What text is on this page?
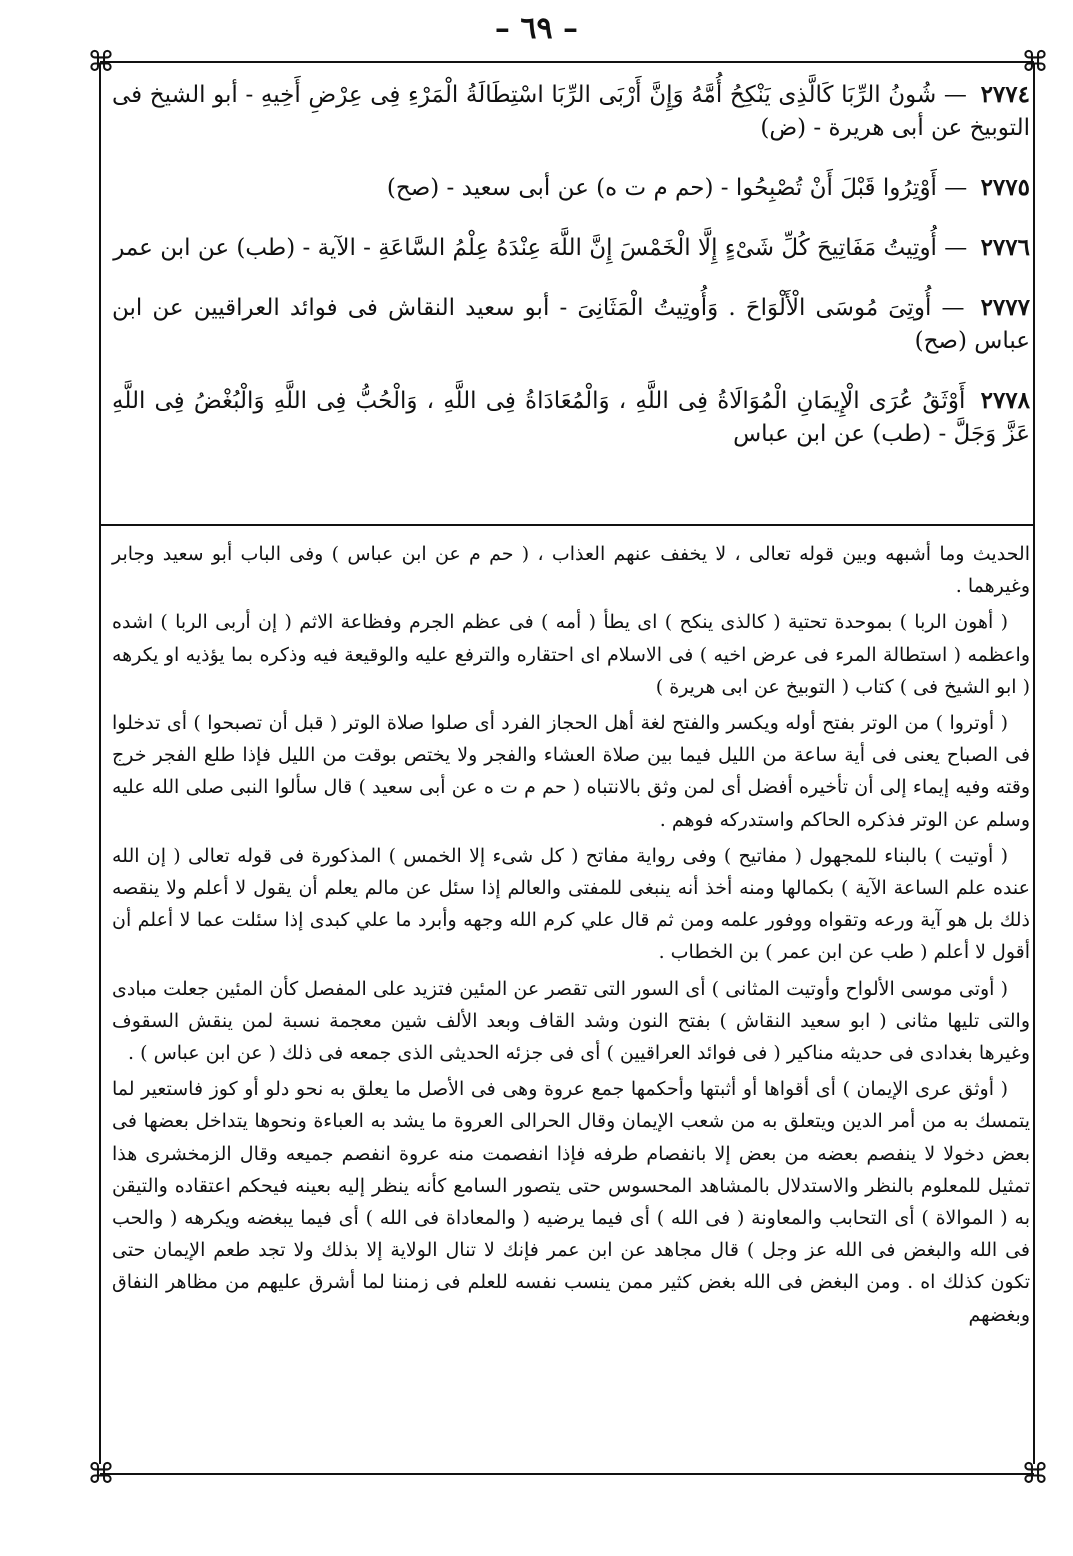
– ٦٩ –
⌘	⌘
⌘	⌘

٢٧٧٤ — شُونُ الرِّبَا كَالَّذِى يَنْكِحُ أُمَّهُ وَإِنَّ أَرْبَى الرِّبَا اسْتِطَالَةُ الْمَرْءِ فِى عِرْضِ أَخِيهِ - أبو الشيخ فى التوبيخ عن أبى هريرة - (ض)

٢٧٧٥ — أَوْتِرُوا قَبْلَ أَنْ تُصْبِحُوا - (حم م ت ه) عن أبى سعيد - (صح)

٢٧٧٦ — أُوتِيتُ مَفَاتِيحَ كُلِّ شَىْءٍ إِلَّا الْخَمْسَ إِنَّ اللَّهَ عِنْدَهُ عِلْمُ السَّاعَةِ - الآية - (طب) عن ابن عمر

٢٧٧٧ — أُوتِىَ مُوسَى الْأَلْوَاحَ . وَأُوتِيتُ الْمَثَانِىَ - أبو سعيد النقاش فى فوائد العراقيين عن ابن عباس (صح)

٢٧٧٨ أَوْثَقُ عُرَى الْإِيمَانِ الْمُوَالَاةُ فِى اللَّهِ ، وَالْمُعَادَاةُ فِى اللَّهِ ، وَالْحُبُّ فِى اللَّهِ وَالْبُغْضُ فِى اللَّهِ عَزَّ وَجَلَّ - (طب) عن ابن عباس

الحديث وما أشبهه وبين قوله تعالى ، لا يخفف عنهم العذاب ، ( حم م عن ابن عباس ) وفى الباب أبو سعيد وجابر وغيرهما .

( أهون الربا ) بموحدة تحتية ( كالذى ينكح ) اى يطأ ( أمه ) فى عظم الجرم وفظاعة الاثم ( إن أربى الربا ) اشده واعظمه ( استطالة المرء فى عرض اخيه ) فى الاسلام اى احتقاره والترفع عليه والوقيعة فيه وذكره بما يؤذيه او يكرهه ( ابو الشيخ فى ) كتاب ( التوبيخ عن ابى هريرة )

( أوتروا ) من الوتر بفتح أوله ويكسر والفتح لغة أهل الحجاز الفرد أى صلوا صلاة الوتر ( قبل أن تصبحوا ) أى تدخلوا فى الصباح يعنى فى أية ساعة من الليل فيما بين صلاة العشاء والفجر ولا يختص بوقت من الليل فإذا طلع الفجر خرج وقته وفيه إيماء إلى أن تأخيره أفضل أى لمن وثق بالانتباه ( حم م ت ه عن أبى سعيد ) قال سألوا النبى صلى الله عليه وسلم عن الوتر فذكره الحاكم واستدركه فوهم .

( أوتيت ) بالبناء للمجهول ( مفاتيح ) وفى رواية مفاتح ( كل شىء إلا الخمس ) المذكورة فى قوله تعالى ( إن الله عنده علم الساعة الآية ) بكمالها ومنه أخذ أنه ينبغى للمفتى والعالم إذا سئل عن مالم يعلم أن يقول لا أعلم ولا ينقصه ذلك بل هو آية ورعه وتقواه ووفور علمه ومن ثم قال علي كرم الله وجهه وأبرد ما علي كبدى إذا سئلت عما لا أعلم أن أقول لا أعلم ( طب عن ابن عمر ) بن الخطاب .

( أوتى موسى الألواح وأوتيت المثانى ) أى السور التى تقصر عن المئين فتزيد على المفصل كأن المئين جعلت مبادى والتى تليها مثانى ( ابو سعيد النقاش ) بفتح النون وشد القاف وبعد الألف شين معجمة نسبة لمن ينقش السقوف وغيرها بغدادى فى حديثه مناكير ( فى فوائد العراقيين ) أى فى جزئه الحديثى الذى جمعه فى ذلك ( عن ابن عباس ) .

( أوثق عرى الإيمان ) أى أقواها أو أثبتها وأحكمها جمع عروة وهى فى الأصل ما يعلق به نحو دلو أو كوز فاستعير لما يتمسك به من أمر الدين ويتعلق به من شعب الإيمان وقال الحرالى العروة ما يشد به العباءة ونحوها يتداخل بعضها فى بعض دخولا لا ينفصم بعضه من بعض إلا بانفصام طرفه فإذا انفصمت منه عروة انفصم جميعه وقال الزمخشرى هذا تمثيل للمعلوم بالنظر والاستدلال بالمشاهد المحسوس حتى يتصور السامع كأنه ينظر إليه بعينه فيحكم اعتقاده والتيقن به ( الموالاة ) أى التحابب والمعاونة ( فى الله ) أى فيما يرضيه ( والمعاداة فى الله ) أى فيما يبغضه ويكرهه ( والحب فى الله والبغض فى الله عز وجل ) قال مجاهد عن ابن عمر فإنك لا تنال الولاية إلا بذلك ولا تجد طعم الإيمان حتى تكون كذلك اه . ومن البغض فى الله بغض كثير ممن ينسب نفسه للعلم فى زمننا لما أشرق عليهم من مظاهر النفاق وبغضهم
